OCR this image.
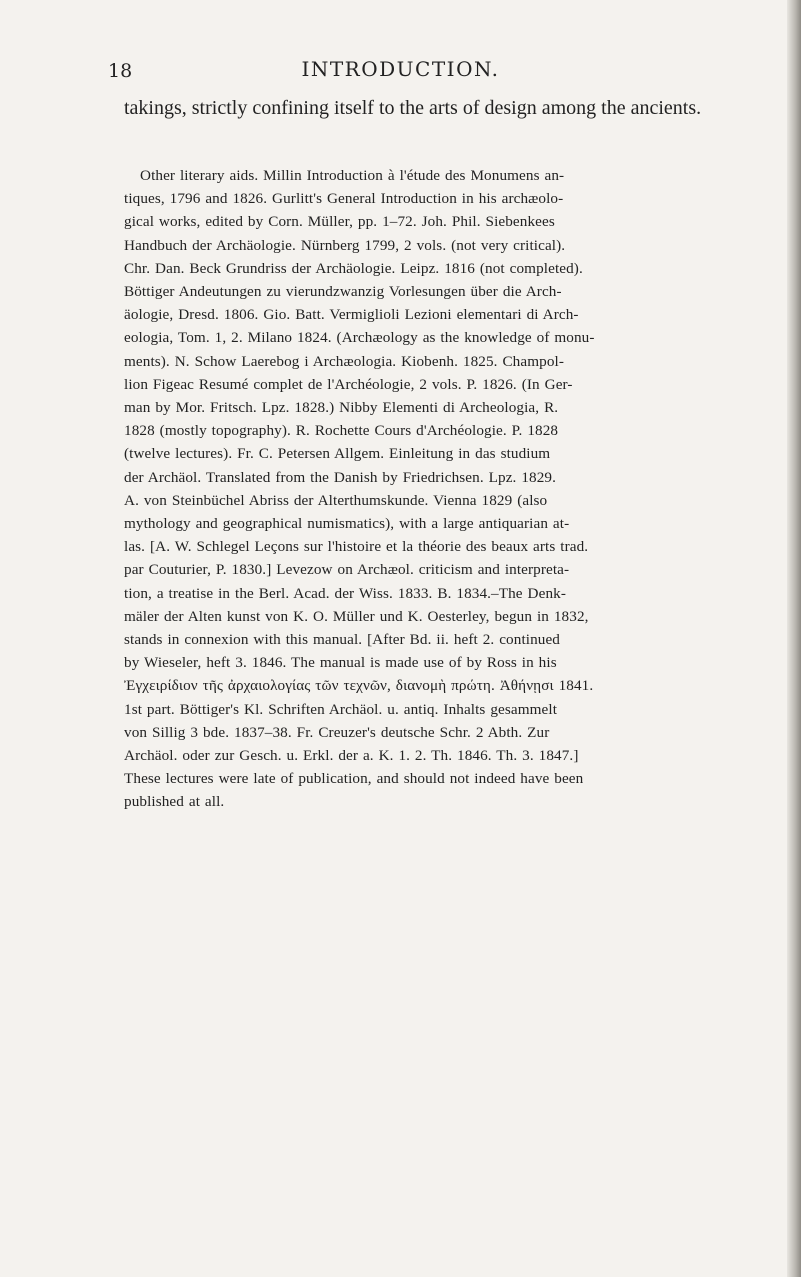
18	INTRODUCTION.

takings, strictly confining itself to the arts of design among the ancients.

Other literary aids. Millin Introduction à l'étude des Monumens an-
tiques, 1796 and 1826. Gurlitt's General Introduction in his archæolo-
gical works, edited by Corn. Müller, pp. 1–72. Joh. Phil. Siebenkees
Handbuch der Archäologie. Nürnberg 1799, 2 vols. (not very critical).
Chr. Dan. Beck Grundriss der Archäologie. Leipz. 1816 (not completed).
Böttiger Andeutungen zu vierundzwanzig Vorlesungen über die Arch-
äologie, Dresd. 1806. Gio. Batt. Vermiglioli Lezioni elementari di Arch-
eologia, Tom. 1, 2. Milano 1824. (Archæology as the knowledge of monu-
ments). N. Schow Laerebog i Archæologia. Kiobenh. 1825. Champol-
lion Figeac Resumé complet de l'Archéologie, 2 vols. P. 1826. (In Ger-
man by Mor. Fritsch. Lpz. 1828.) Nibby Elementi di Archeologia, R.
1828 (mostly topography). R. Rochette Cours d'Archéologie. P. 1828
(twelve lectures). Fr. C. Petersen Allgem. Einleitung in das studium
der Archäol. Translated from the Danish by Friedrichsen. Lpz. 1829.
A. von Steinbüchel Abriss der Alterthumskunde. Vienna 1829 (also
mythology and geographical numismatics), with a large antiquarian at-
las. [A. W. Schlegel Leçons sur l'histoire et la théorie des beaux arts trad.
par Couturier, P. 1830.] Levezow on Archæol. criticism and interpreta-
tion, a treatise in the Berl. Acad. der Wiss. 1833. B. 1834.–The Denk-
mäler der Alten kunst von K. O. Müller und K. Oesterley, begun in 1832,
stands in connexion with this manual. [After Bd. ii. heft 2. continued
by Wieseler, heft 3. 1846. The manual is made use of by Ross in his
Ἐγχειρίδιον τῆς ἀρχαιολογίας τῶν τεχνῶν, διανομὴ πρώτη. Ἀθήνῃσι 1841.
1st part. Böttiger's Kl. Schriften Archäol. u. antiq. Inhalts gesammelt
von Sillig 3 bde. 1837–38. Fr. Creuzer's deutsche Schr. 2 Abth. Zur
Archäol. oder zur Gesch. u. Erkl. der a. K. 1. 2. Th. 1846. Th. 3. 1847.]
These lectures were late of publication, and should not indeed have been
published at all.
